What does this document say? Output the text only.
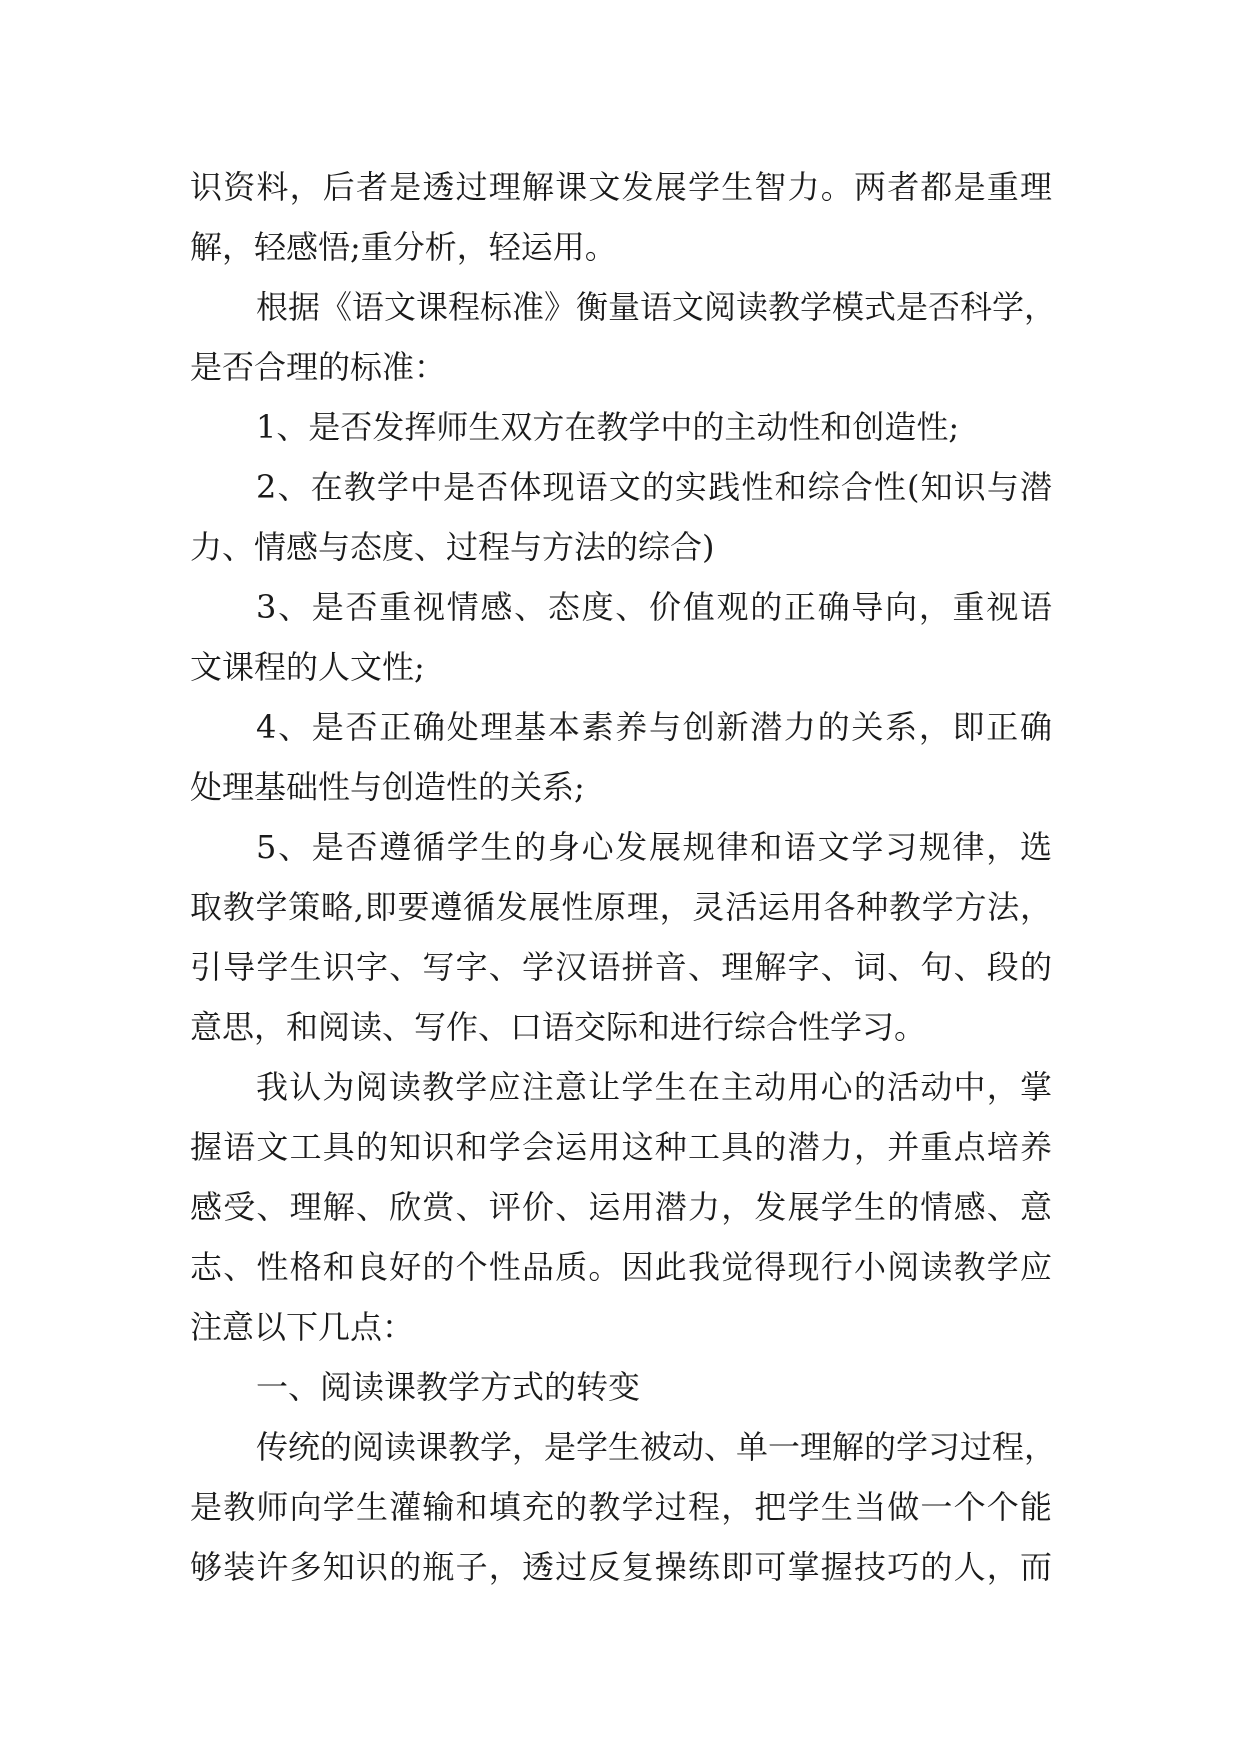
识资料，后者是透过理解课文发展学生智力。两者都是重理
解，轻感悟;重分析，轻运用。
根据《语文课程标准》衡量语文阅读教学模式是否科学，
是否合理的标准：
1、是否发挥师生双方在教学中的主动性和创造性;
2、在教学中是否体现语文的实践性和综合性(知识与潜
力、情感与态度、过程与方法的综合)
3、是否重视情感、态度、价值观的正确导向，重视语
文课程的人文性;
4、是否正确处理基本素养与创新潜力的关系，即正确
处理基础性与创造性的关系;
5、是否遵循学生的身心发展规律和语文学习规律，选
取教学策略,即要遵循发展性原理，灵活运用各种教学方法，
引导学生识字、写字、学汉语拼音、理解字、词、句、段的
意思，和阅读、写作、口语交际和进行综合性学习。
我认为阅读教学应注意让学生在主动用心的活动中，掌
握语文工具的知识和学会运用这种工具的潜力，并重点培养
感受、理解、欣赏、评价、运用潜力，发展学生的情感、意
志、性格和良好的个性品质。因此我觉得现行小阅读教学应
注意以下几点：
一、阅读课教学方式的转变
传统的阅读课教学，是学生被动、单一理解的学习过程，
是教师向学生灌输和填充的教学过程，把学生当做一个个能
够装许多知识的瓶子，透过反复操练即可掌握技巧的人，而
